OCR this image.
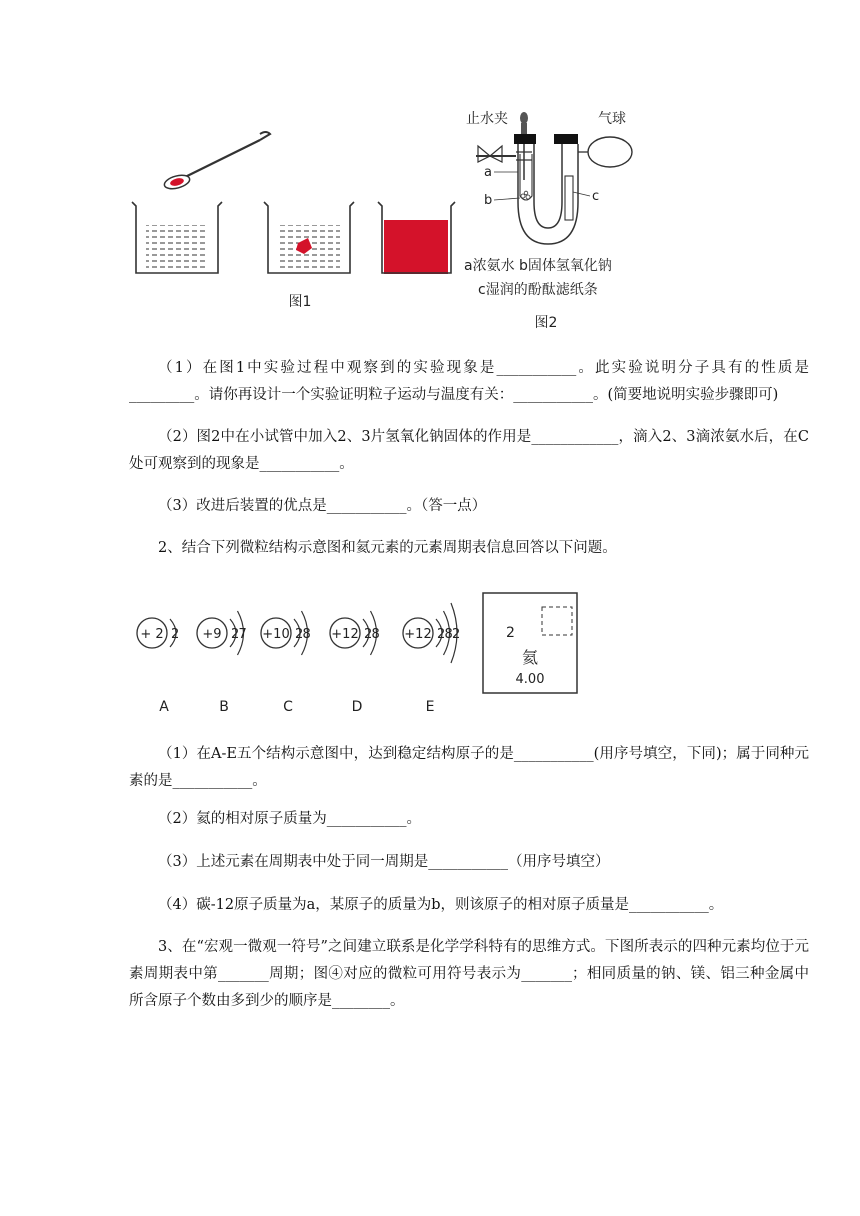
图1
止水夹	气球
a
b	c
a浓氨水 b固体氢氧化钠
c湿润的酚酞滤纸条
图2

（1）在图1中实验过程中观察到的实验现象是___________。此实验说明分子具有的性质是_________。请你再设计一个实验证明粒子运动与温度有关：___________。(简要地说明实验步骤即可)

（2）图2中在小试管中加入2、3片氢氧化钠固体的作用是____________，滴入2、3滴浓氨水后，在C处可观察到的现象是___________。

（3）改进后装置的优点是___________。（答一点）

2、结合下列微粒结构示意图和氦元素的元素周期表信息回答以下问题。

+ 2 2
A
+9 2 7
B
+10 2 8
C
+12 2 8
D
+12 2 8 2
E
2
氦
4.00

（1）在A-E五个结构示意图中，达到稳定结构原子的是___________(用序号填空，下同)；属于同种元素的是___________。

（2）氦的相对原子质量为___________。

（3）上述元素在周期表中处于同一周期是___________（用序号填空）

（4）碳-12原子质量为a，某原子的质量为b，则该原子的相对原子质量是___________。

3、在“宏观一微观一符号”之间建立联系是化学学科特有的思维方式。下图所表示的四种元素均位于元素周期表中第_______周期；图④对应的微粒可用符号表示为_______；相同质量的钠、镁、铝三种金属中所含原子个数由多到少的顺序是________。
